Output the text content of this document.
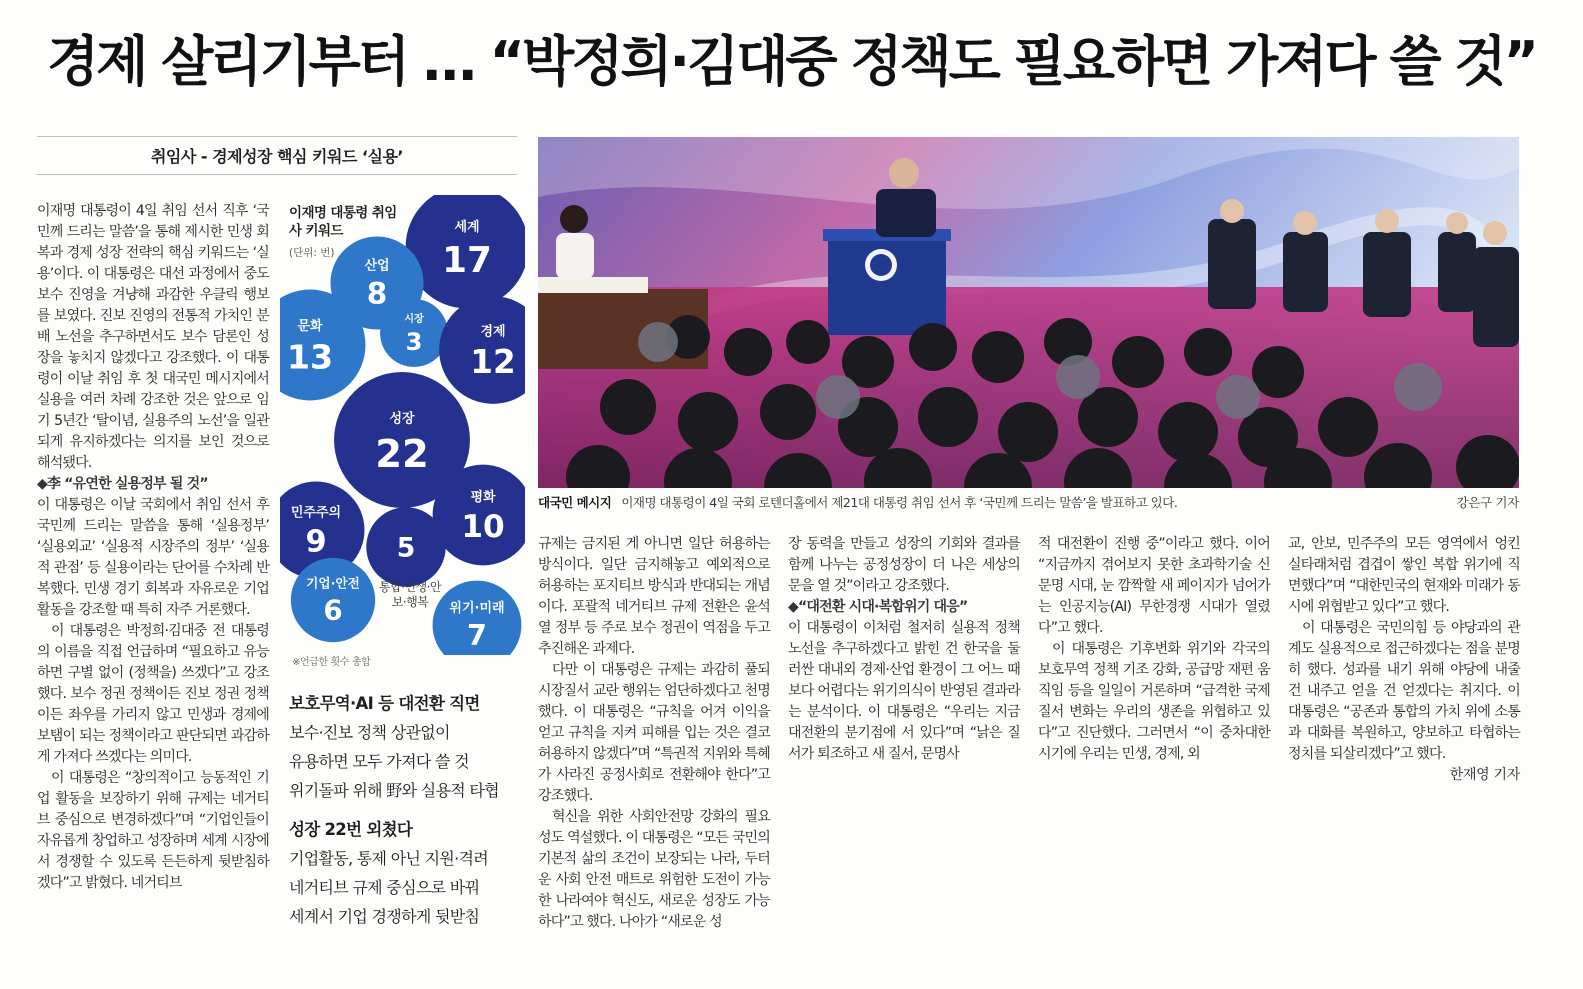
경제 살리기부터 … “박정희·김대중 정책도 필요하면 가져다 쓸 것”
취임사 - 경제성장 핵심 키워드 ‘실용’

이재명 대통령이 4일 취임 선서 직후 ‘국민께 드리는 말씀’을 통해 제시한 민생 회복과 경제 성장 전략의 핵심 키워드는 ‘실용’이다. 이 대통령은 대선 과정에서 중도보수 진영을 겨냥해 과감한 우클릭 행보를 보였다. 진보 진영의 전통적 가치인 분배 노선을 추구하면서도 보수 담론인 성장을 놓치지 않겠다고 강조했다. 이 대통령이 이날 취임 후 첫 대국민 메시지에서 실용을 여러 차례 강조한 것은 앞으로 임기 5년간 ‘탈이념, 실용주의 노선’을 일관되게 유지하겠다는 의지를 보인 것으로 해석됐다.

◆李 “유연한 실용정부 될 것”

이 대통령은 이날 국회에서 취임 선서 후 국민께 드리는 말씀을 통해 ‘실용정부’ ‘실용외교’ ‘실용적 시장주의 정부’ ‘실용적 관점’ 등 실용이라는 단어를 수차례 반복했다. 민생 경기 회복과 자유로운 기업 활동을 강조할 때 특히 자주 거론했다.

이 대통령은 박정희·김대중 전 대통령의 이름을 직접 언급하며 “필요하고 유능하면 구별 없이 (정책을) 쓰겠다”고 강조했다. 보수 정권 정책이든 진보 정권 정책이든 좌우를 가리지 않고 민생과 경제에 보탬이 되는 정책이라고 판단되면 과감하게 가져다 쓰겠다는 의미다.

이 대통령은 “창의적이고 능동적인 기업 활동을 보장하기 위해 규제는 네거티브 중심으로 변경하겠다”며 “기업인들이 자유롭게 창업하고 성장하며 세계 시장에서 경쟁할 수 있도록 든든하게 뒷받침하겠다”고 밝혔다. 네거티브

이재명 대통령 취임사 키워드
(단위: 번)
세계
17
산업
8
시장
3
문화
13
경제
12
성장
22
민주주의
9
평화
10
5
기업·안전
6	위기·미래
7
통합·민생·안보·행복
※언급한 횟수 총합
보호무역·AI 등 대전환 직면
보수·진보 정책 상관없이
유용하면 모두 가져다 쓸 것
위기돌파 위해 野와 실용적 타협
성장 22번 외쳤다
기업활동, 통제 아닌 지원·격려
네거티브 규제 중심으로 바꿔
세계서 기업 경쟁하게 뒷받침
대국민 메시지 이재명 대통령이 4일 국회 로텐더홀에서 제21대 대통령 취임 선서 후 ‘국민께 드리는 말씀’을 발표하고 있다.	강은구 기자

규제는 금지된 게 아니면 일단 허용하는 방식이다. 일단 금지해놓고 예외적으로 허용하는 포지티브 방식과 반대되는 개념이다. 포괄적 네거티브 규제 전환은 윤석열 정부 등 주로 보수 정권이 역점을 두고 추진해온 과제다.

다만 이 대통령은 규제는 과감히 풀되 시장질서 교란 행위는 엄단하겠다고 천명했다. 이 대통령은 “규칙을 어겨 이익을 얻고 규칙을 지켜 피해를 입는 것은 결코 허용하지 않겠다”며 “특권적 지위와 특혜가 사라진 공정사회로 전환해야 한다”고 강조했다.

혁신을 위한 사회안전망 강화의 필요성도 역설했다. 이 대통령은 “모든 국민의 기본적 삶의 조건이 보장되는 나라, 두터운 사회 안전 매트로 위험한 도전이 가능한 나라여야 혁신도, 새로운 성장도 가능하다”고 했다. 나아가 “새로운 성

장 동력을 만들고 성장의 기회와 결과를 함께 나누는 공정성장이 더 나은 세상의 문을 열 것”이라고 강조했다.

◆“대전환 시대·복합위기 대응”

이 대통령이 이처럼 철저히 실용적 정책 노선을 추구하겠다고 밝힌 건 한국을 둘러싼 대내외 경제·산업 환경이 그 어느 때보다 어렵다는 위기의식이 반영된 결과라는 분석이다. 이 대통령은 “우리는 지금 대전환의 분기점에 서 있다”며 “낡은 질서가 퇴조하고 새 질서, 문명사

적 대전환이 진행 중”이라고 했다. 이어 “지금까지 겪어보지 못한 초과학기술 신문명 시대, 눈 깜짝할 새 페이지가 넘어가는 인공지능(AI) 무한경쟁 시대가 열렸다”고 했다.

이 대통령은 기후변화 위기와 각국의 보호무역 정책 기조 강화, 공급망 재편 움직임 등을 일일이 거론하며 “급격한 국제 질서 변화는 우리의 생존을 위협하고 있다”고 진단했다. 그러면서 “이 중차대한 시기에 우리는 민생, 경제, 외

교, 안보, 민주주의 모든 영역에서 엉킨 실타래처럼 겹겹이 쌓인 복합 위기에 직면했다”며 “대한민국의 현재와 미래가 동시에 위협받고 있다”고 했다.

이 대통령은 국민의힘 등 야당과의 관계도 실용적으로 접근하겠다는 점을 분명히 했다. 성과를 내기 위해 야당에 내줄 건 내주고 얻을 건 얻겠다는 취지다. 이 대통령은 “공존과 통합의 가치 위에 소통과 대화를 복원하고, 양보하고 타협하는 정치를 되살리겠다”고 했다.
한재영 기자
